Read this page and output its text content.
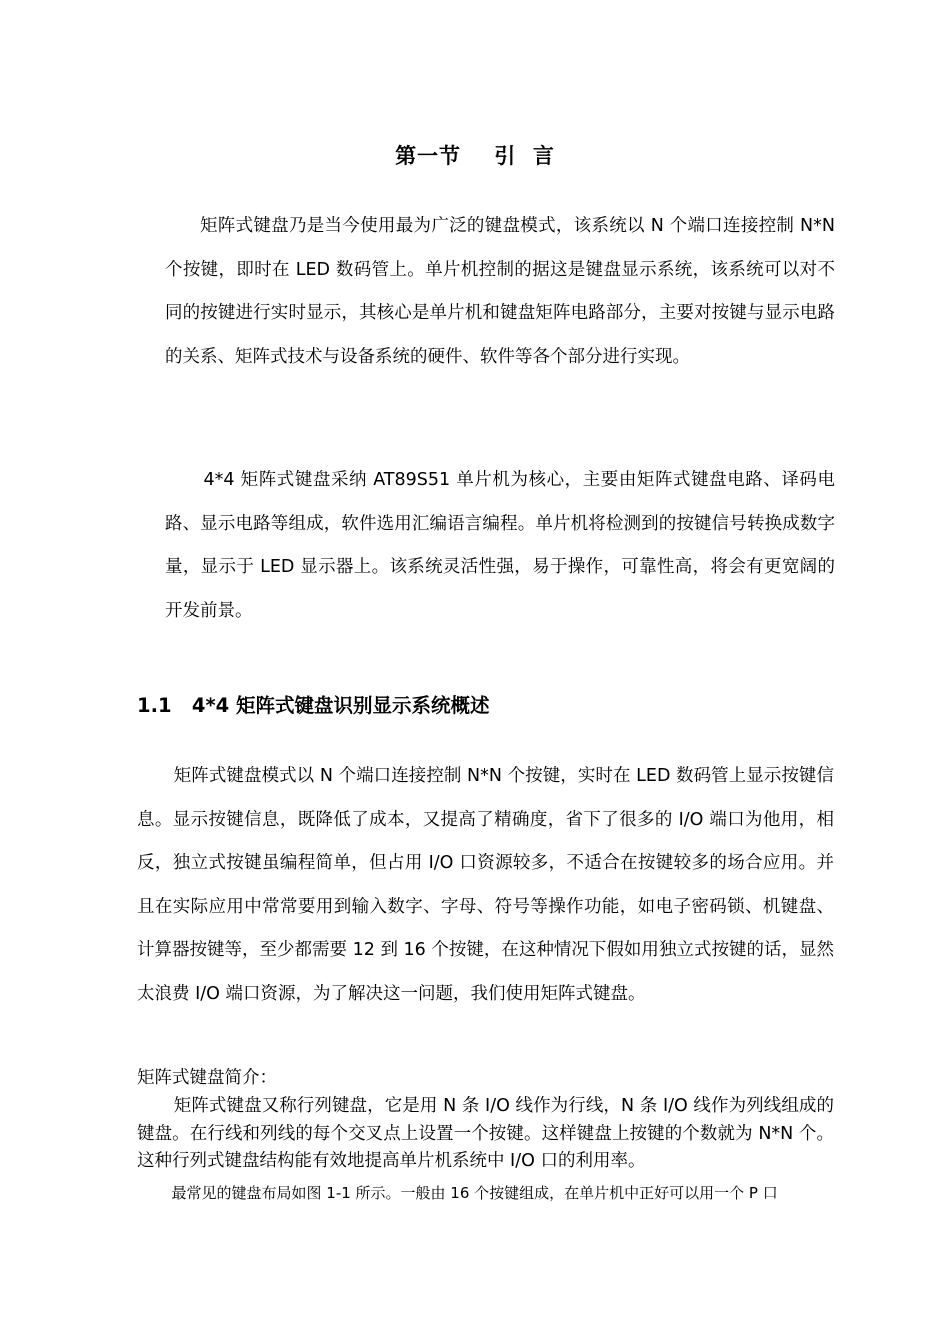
第一节    引  言

矩阵式键盘乃是当今使用最为广泛的键盘模式，该系统以 N 个端口连接控制 N*N 个按键，即时在 LED 数码管上。单片机控制的据这是键盘显示系统，该系统可以对不同的按键进行实时显示，其核心是单片机和键盘矩阵电路部分，主要对按键与显示电路的关系、矩阵式技术与设备系统的硬件、软件等各个部分进行实现。

4*4 矩阵式键盘采纳 AT89S51 单片机为核心，主要由矩阵式键盘电路、译码电路、显示电路等组成，软件选用汇编语言编程。单片机将检测到的按键信号转换成数字量，显示于 LED 显示器上。该系统灵活性强，易于操作，可靠性高，将会有更宽阔的开发前景。

1.1   4*4 矩阵式键盘识别显示系统概述

矩阵式键盘模式以 N 个端口连接控制 N*N 个按键，实时在 LED 数码管上显示按键信息。显示按键信息，既降低了成本，又提高了精确度，省下了很多的 I/O 端口为他用，相反，独立式按键虽编程简单，但占用 I/O 口资源较多，不适合在按键较多的场合应用。并且在实际应用中常常要用到输入数字、字母、符号等操作功能，如电子密码锁、机键盘、计算器按键等，至少都需要 12 到 16 个按键，在这种情况下假如用独立式按键的话，显然太浪费 I/O 端口资源，为了解决这一问题，我们使用矩阵式键盘。

矩阵式键盘简介：

矩阵式键盘又称行列键盘，它是用 N 条 I/O 线作为行线，N 条 I/O 线作为列线组成的键盘。在行线和列线的每个交叉点上设置一个按键。这样键盘上按键的个数就为 N*N 个。这种行列式键盘结构能有效地提高单片机系统中 I/O 口的利用率。

最常见的键盘布局如图 1-1 所示。一般由 16 个按键组成，在单片机中正好可以用一个 P 口
